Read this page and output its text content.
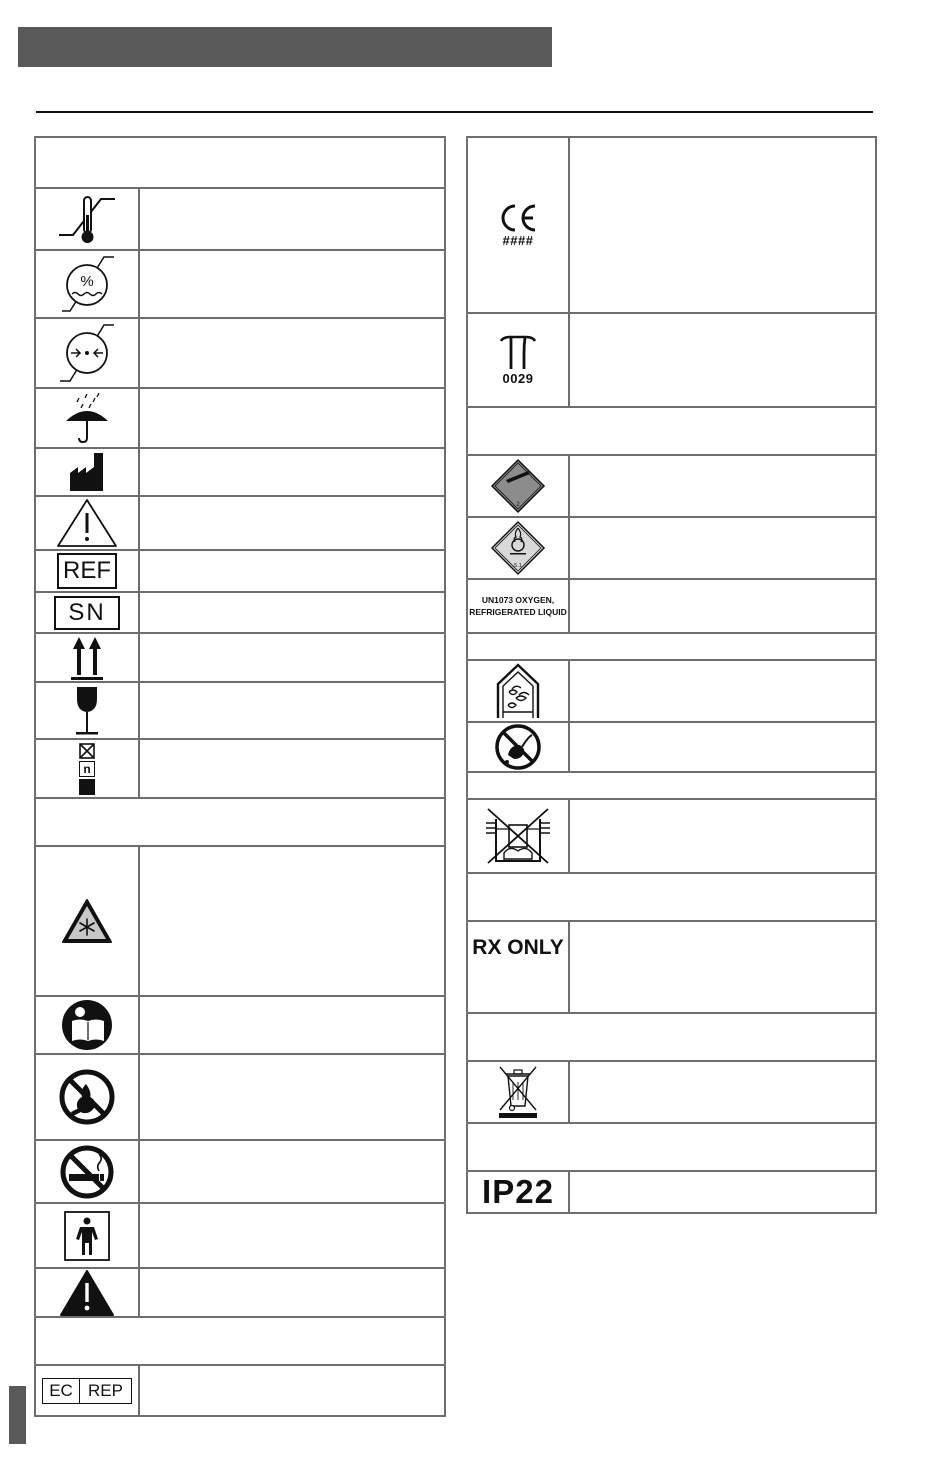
%
REF
SN
n
EC REP
####
0029
2
5.1
UN1073 OXYGEN,
REFRIGERATED LIQUID
RX ONLY
IP22
